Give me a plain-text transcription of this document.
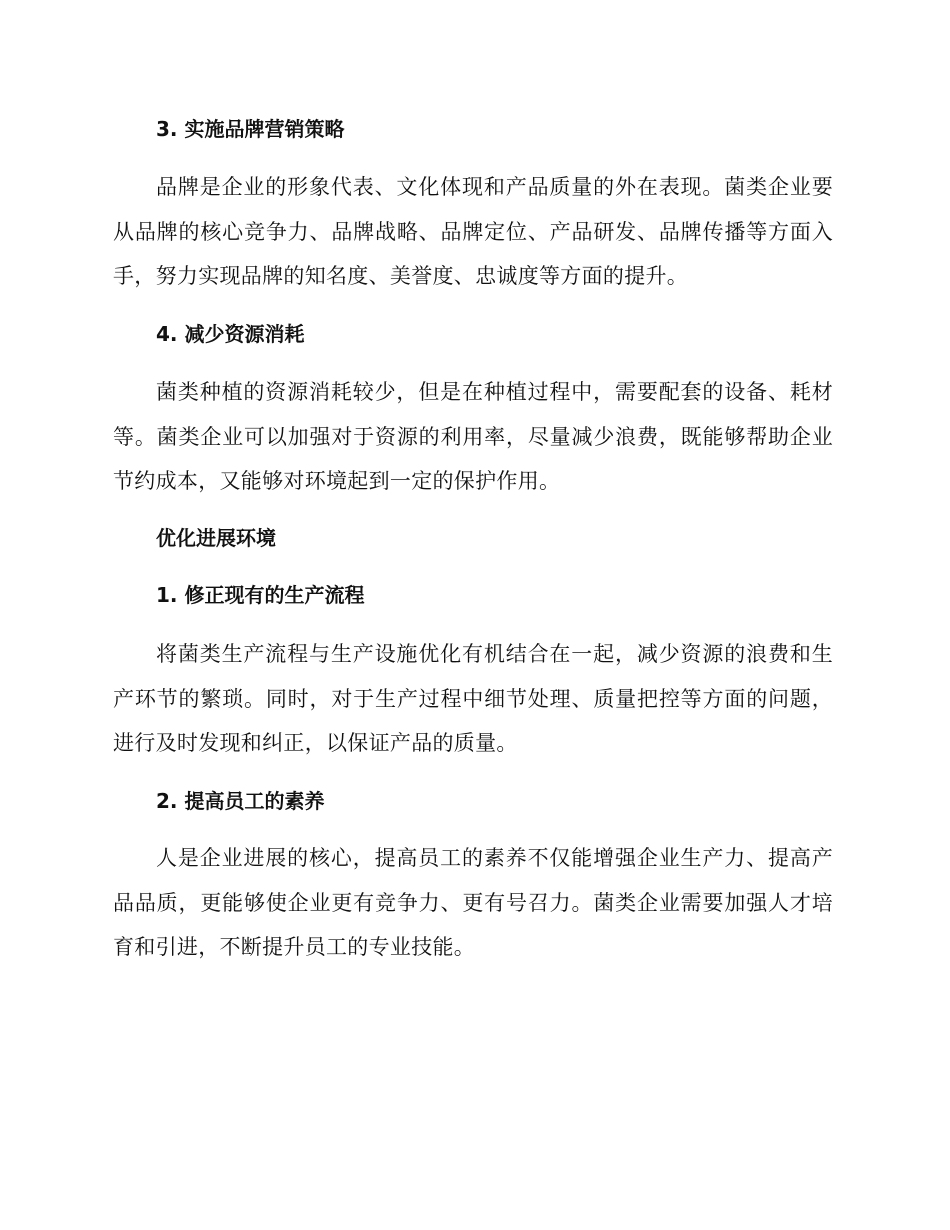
3. 实施品牌营销策略
品牌是企业的形象代表、文化体现和产品质量的外在表现。菌类企业要从品牌的核心竞争力、品牌战略、品牌定位、产品研发、品牌传播等方面入手，努力实现品牌的知名度、美誉度、忠诚度等方面的提升。
4. 减少资源消耗
菌类种植的资源消耗较少，但是在种植过程中，需要配套的设备、耗材等。菌类企业可以加强对于资源的利用率，尽量减少浪费，既能够帮助企业节约成本，又能够对环境起到一定的保护作用。
优化进展环境
1. 修正现有的生产流程
将菌类生产流程与生产设施优化有机结合在一起，减少资源的浪费和生产环节的繁琐。同时，对于生产过程中细节处理、质量把控等方面的问题，进行及时发现和纠正，以保证产品的质量。
2. 提高员工的素养
人是企业进展的核心，提高员工的素养不仅能增强企业生产力、提高产品品质，更能够使企业更有竞争力、更有号召力。菌类企业需要加强人才培育和引进，不断提升员工的专业技能。
